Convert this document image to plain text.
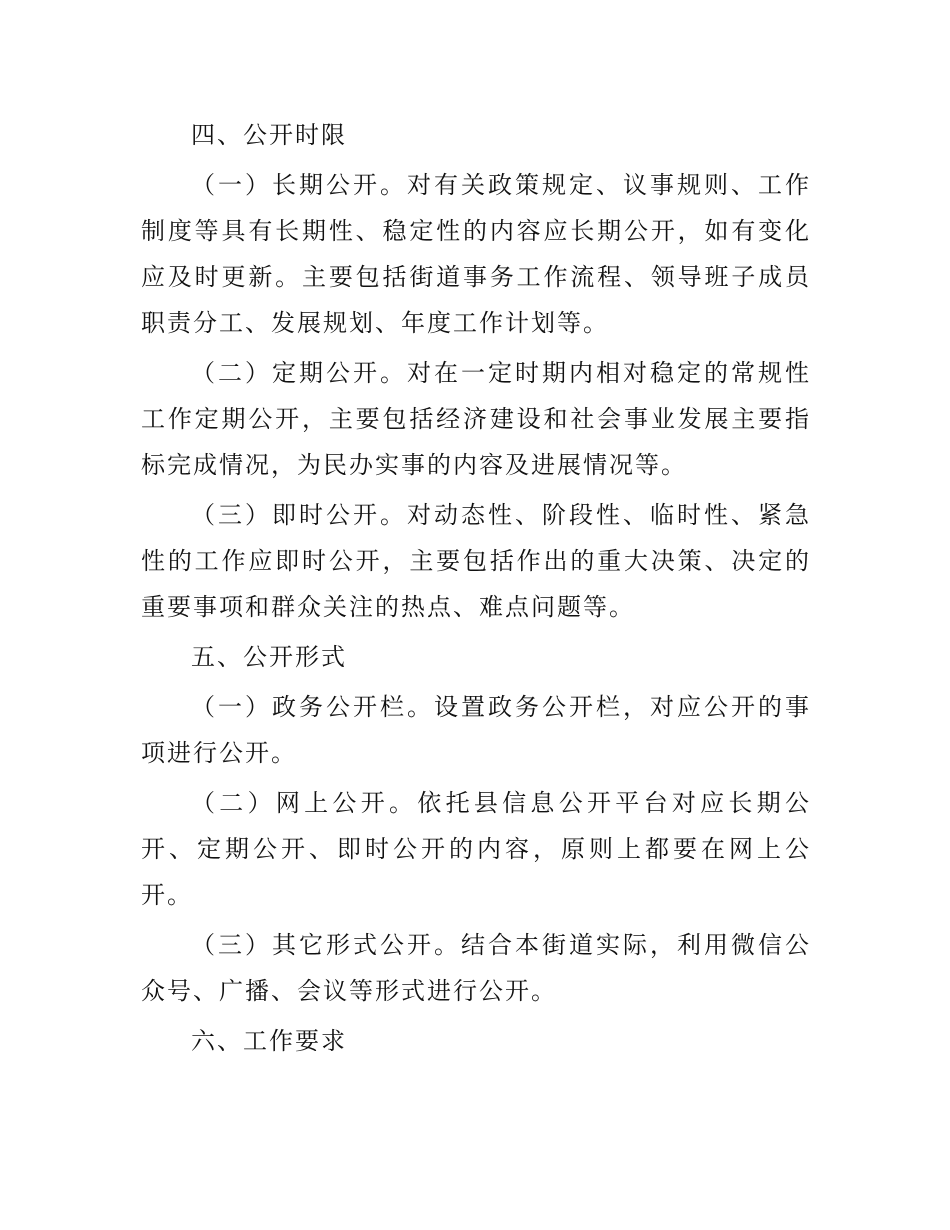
四、公开时限

（一）长期公开。对有关政策规定、议事规则、工作制度等具有长期性、稳定性的内容应长期公开，如有变化应及时更新。主要包括街道事务工作流程、领导班子成员职责分工、发展规划、年度工作计划等。

（二）定期公开。对在一定时期内相对稳定的常规性工作定期公开，主要包括经济建设和社会事业发展主要指标完成情况，为民办实事的内容及进展情况等。

（三）即时公开。对动态性、阶段性、临时性、紧急性的工作应即时公开，主要包括作出的重大决策、决定的重要事项和群众关注的热点、难点问题等。

五、公开形式

（一）政务公开栏。设置政务公开栏，对应公开的事项进行公开。

（二）网上公开。依托县信息公开平台对应长期公开、定期公开、即时公开的内容，原则上都要在网上公开。

（三）其它形式公开。结合本街道实际，利用微信公众号、广播、会议等形式进行公开。

六、工作要求
